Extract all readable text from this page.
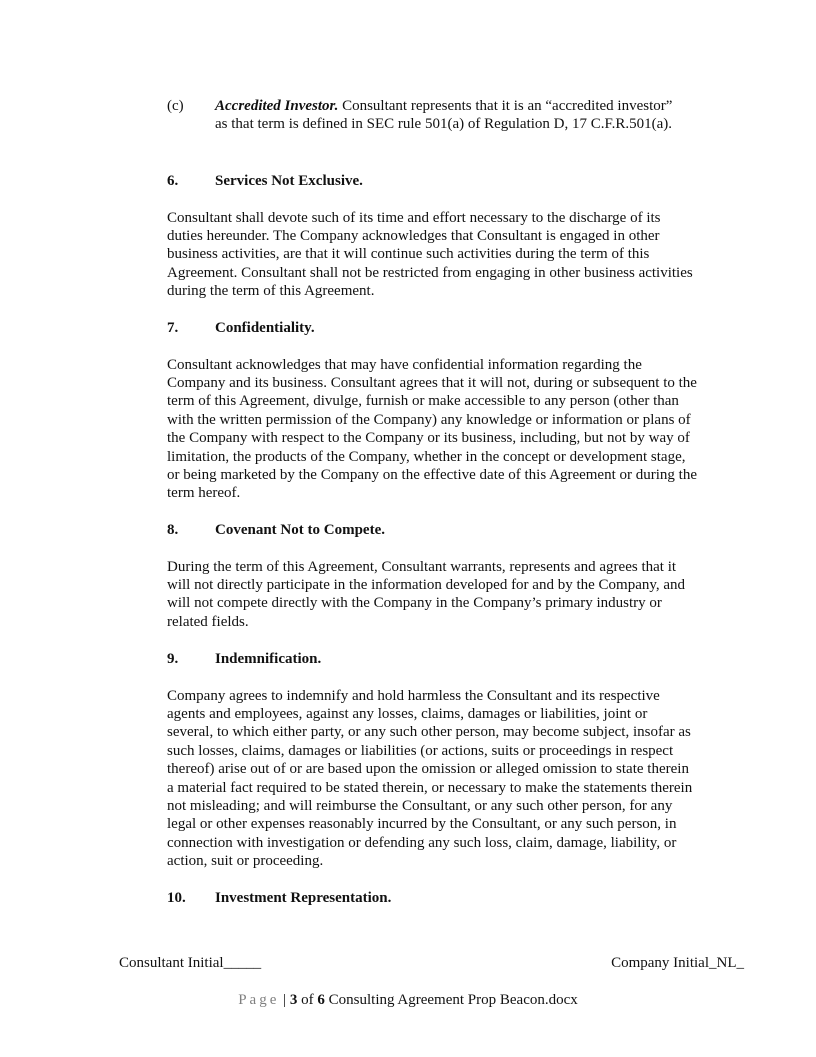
(c) Accredited Investor. Consultant represents that it is an “accredited investor” as that term is defined in SEC rule 501(a) of Regulation D, 17 C.F.R.501(a).
6. Services Not Exclusive.
Consultant shall devote such of its time and effort necessary to the discharge of its duties hereunder. The Company acknowledges that Consultant is engaged in other business activities, are that it will continue such activities during the term of this Agreement. Consultant shall not be restricted from engaging in other business activities during the term of this Agreement.
7. Confidentiality.
Consultant acknowledges that may have confidential information regarding the Company and its business. Consultant agrees that it will not, during or subsequent to the term of this Agreement, divulge, furnish or make accessible to any person (other than with the written permission of the Company) any knowledge or information or plans of the Company with respect to the Company or its business, including, but not by way of limitation, the products of the Company, whether in the concept or development stage, or being marketed by the Company on the effective date of this Agreement or during the term hereof.
8. Covenant Not to Compete.
During the term of this Agreement, Consultant warrants, represents and agrees that it will not directly participate in the information developed for and by the Company, and will not compete directly with the Company in the Company’s primary industry or related fields.
9. Indemnification.
Company agrees to indemnify and hold harmless the Consultant and its respective agents and employees, against any losses, claims, damages or liabilities, joint or several, to which either party, or any such other person, may become subject, insofar as such losses, claims, damages or liabilities (or actions, suits or proceedings in respect thereof) arise out of or are based upon the omission or alleged omission to state therein a material fact required to be stated therein, or necessary to make the statements therein not misleading; and will reimburse the Consultant, or any such other person, for any legal or other expenses reasonably incurred by the Consultant, or any such person, in connection with investigation or defending any such loss, claim, damage, liability, or action, suit or proceeding.
10. Investment Representation.
Consultant Initial_____	Company Initial_NL_
Page | 3 of 6 Consulting Agreement Prop Beacon.docx
